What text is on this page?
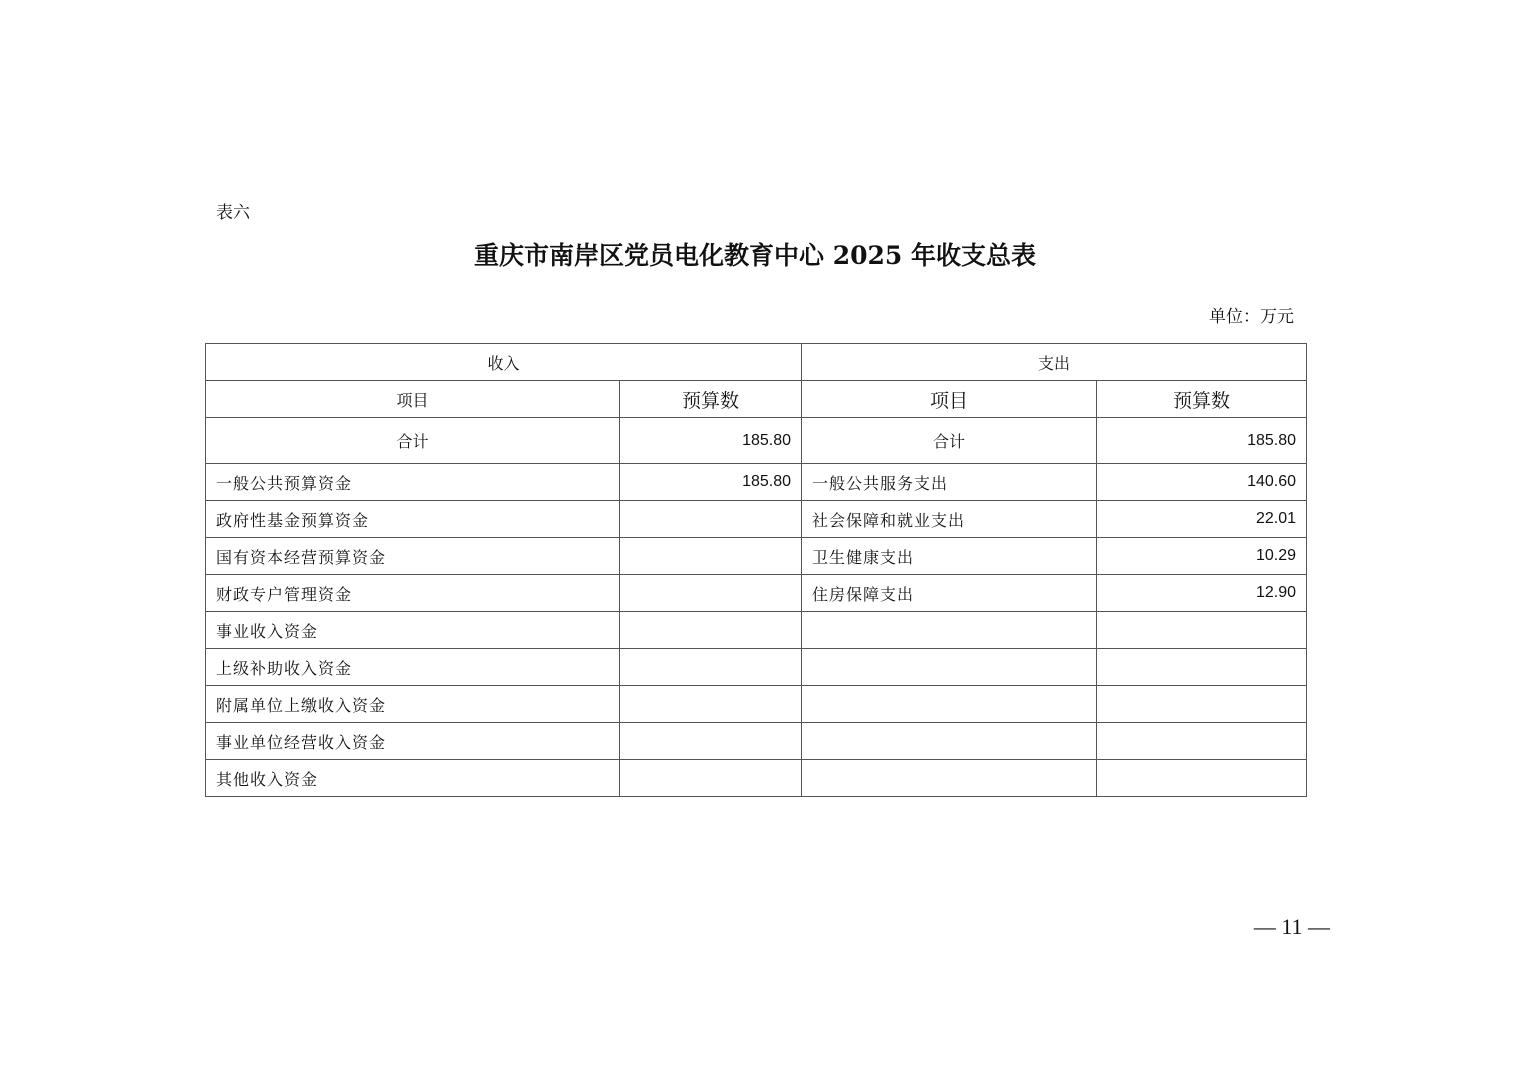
表六
重庆市南岸区党员电化教育中心 2025 年收支总表
单位：万元
收入		支出	
项目	预算数	项目	预算数
合计	185.80	合计	185.80
一般公共预算资金	185.80	一般公共服务支出	140.60
政府性基金预算资金		社会保障和就业支出	22.01
国有资本经营预算资金		卫生健康支出	10.29
财政专户管理资金		住房保障支出	12.90
事业收入资金			
上级补助收入资金			
附属单位上缴收入资金			
事业单位经营收入资金			
其他收入资金			
— 11 —
